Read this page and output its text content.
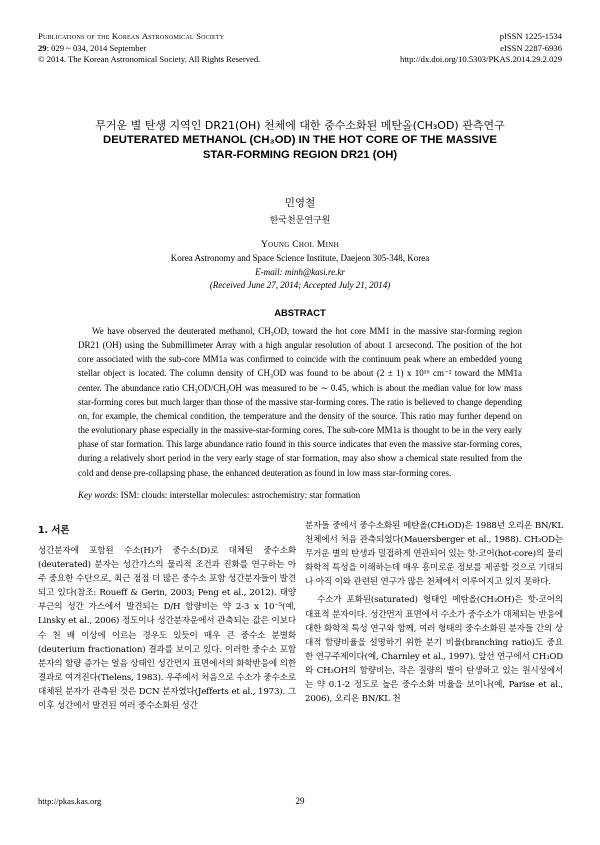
Publications of the Korean Astronomical Society
29: 029 ~ 034, 2014 September
© 2014. The Korean Astronomical Society. All Rights Reserved.
pISSN 1225-1534
eISSN 2287-6936
http://dx.doi.org/10.5303/PKAS.2014.29.2.029
무거운 별 탄생 지역인 DR21(OH) 천체에 대한 중수소화된 메탄올(CH₃OD) 관측연구
DEUTERATED METHANOL (CH₃OD) IN THE HOT CORE OF THE MASSIVE
STAR-FORMING REGION DR21 (OH)
민영철
한국천문연구원
Young Chol Minh
Korea Astronomy and Space Science Institute, Daejeon 305-348, Korea
E-mail: minh@kasi.re.kr
(Received June 27, 2014; Accepted July 21, 2014)
ABSTRACT

We have observed the deuterated methanol, CH₃OD, toward the hot core MM1 in the massive star-forming region DR21 (OH) using the Submillimeter Array with a high angular resolution of about 1 arcsecond. The position of the hot core associated with the sub-core MM1a was confirmed to coincide with the continuum peak where an embedded young stellar object is located. The column density of CH₃OD was found to be about (2 ± 1) x 10¹⁶ cm⁻² toward the MM1a center. The abundance ratio CH₃OD/CH₃OH was measured to be ∼ 0.45, which is about the median value for low mass star-forming cores but much larger than those of the massive star-forming cores. The ratio is believed to change depending on, for example, the chemical condition, the temperature and the density of the source. This ratio may further depend on the evolutionary phase especially in the massive-star-forming cores. The sub-core MM1a is thought to be in the very early phase of star formation. This large abundance ratio found in this source indicates that even the massive star-forming cores, during a relatively short period in the very early stage of star formation, may also show a chemical state resulted from the cold and dense pre-collapsing phase, the enhanced deuteration as found in low mass star-forming cores.

Key words: ISM: clouds: interstellar molecules: astrochemistry: star formation
1. 서론

성간분자에 포함된 수소(H)가 중수소(D)로 대체된 중수소화(deuterated) 분자는 성간가스의 물리적 조건과 진화를 연구하는 아주 중요한 수단으로, 최근 점점 더 많은 중수소 포함 성간분자들이 발견되고 있다(참조: Roueff & Gerin, 2003; Peng et al., 2012). 태양 부근의 성간 가스에서 발견되는 D/H 함량비는 약 2-3 x 10⁻⁵(예, Linsky et al., 2006) 정도이나 성간분자운에서 관측되는 값은 이보다 수 천 배 이상에 이르는 경우도 있듯이 매우 큰 중수소 분별화(deuterium fractionation) 결과를 보이고 있다. 이러한 중수소 포함 분자의 함량 증가는 얼음 상태인 성간먼지 표면에서의 화학반응에 의한 결과로 여겨진다(Tielens, 1983). 우주에서 처음으로 수소가 중수소로 대체된 분자가 관측된 것은 DCN 분자였다(Jefferts et al., 1973). 그 이후 성간에서 발견된 여러 중수소화된 성간

분자들 중에서 중수소화된 메탄올(CH₃OD)은 1988년 오리온 BN/KL 천체에서 처음 관측되었다(Mauersberger et al., 1988). CH₃OD는 무거운 별의 탄생과 밀접하게 연관되어 있는 핫-코어(hot-core)의 물리 화학적 특성을 이해하는데 매우 흥미로운 정보를 제공할 것으로 기대되나 아직 이와 관련된 연구가 많은 천체에서 이루어지고 있지 못하다.

수소가 포화된(saturated) 형태인 메탄올(CH₃OH)은 핫-코어의 대표적 분자이다. 성간먼지 표면에서 수소가 중수소가 대체되는 반응에 대한 화학적 특성 연구와 함께, 여러 형태의 중수소화된 분자들 간의 상대적 함량비율을 설명하기 위한 분기 비율(branching ratio)도 중요한 연구주제이다(예, Charnley et al., 1997). 앞선 연구에서 CH₃OD와 CH₃OH의 함량비는, 작은 질량의 별이 탄생하고 있는 원시성에서는 약 0.1-2 정도로 높은 중수소화 비율을 보이나(예, Parise et al., 2006), 오리온 BN/KL 천

http://pkas.kas.org	29
